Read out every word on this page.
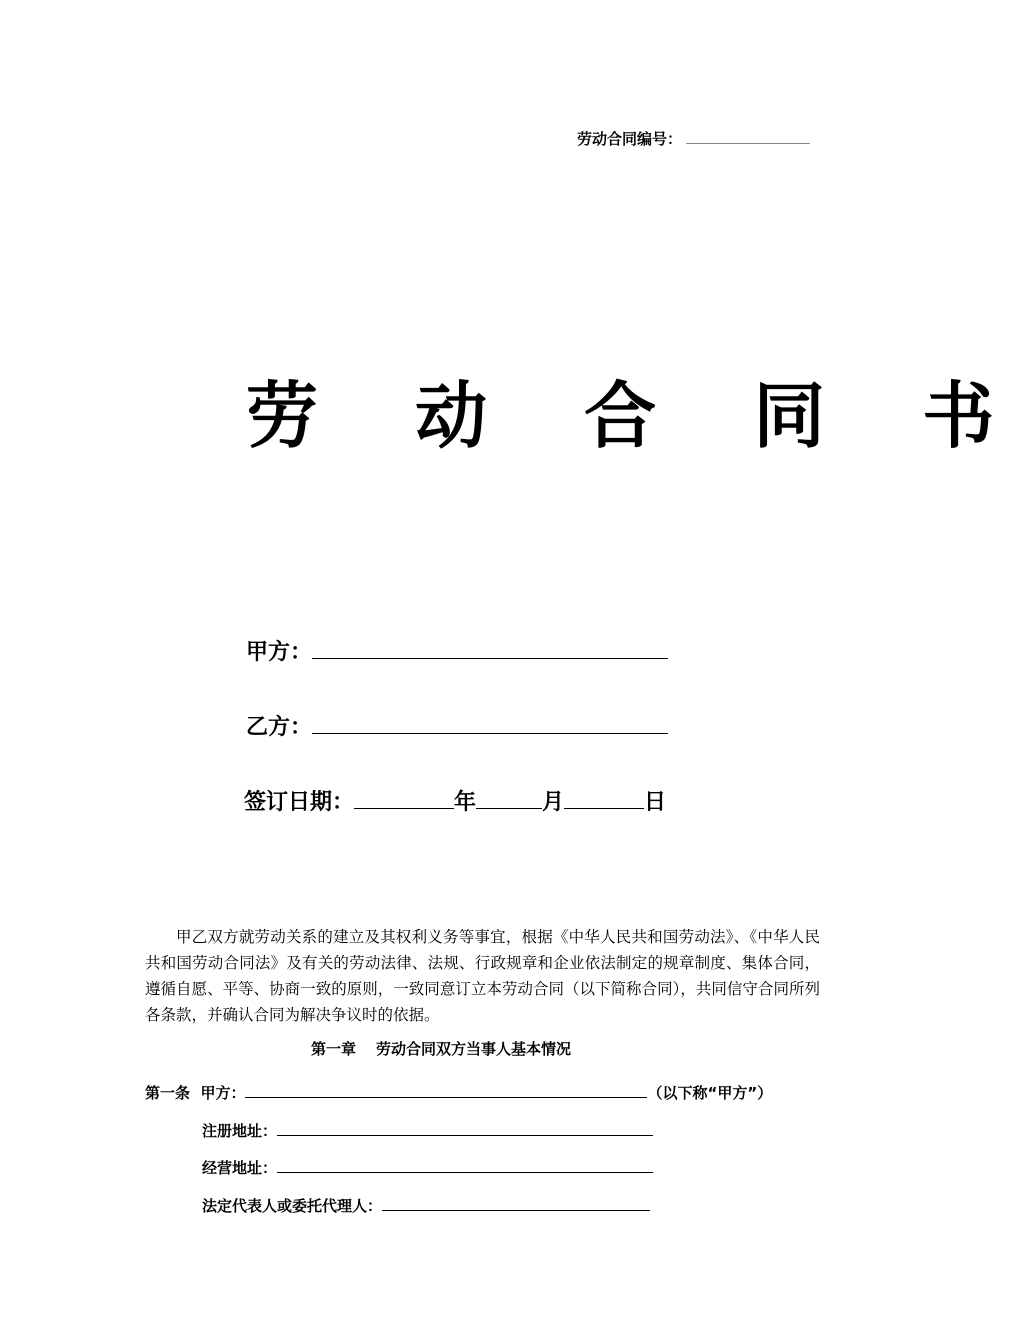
劳动合同编号：
劳 动 合 同 书
甲方：
乙方：
签订日期：	年	月	日

甲乙双方就劳动关系的建立及其权利义务等事宜，根据《中华人民共和国劳动法》、《中华人民共和国劳动合同法》及有关的劳动法律、法规、行政规章和企业依法制定的规章制度、集体合同，遵循自愿、平等、协商一致的原则，一致同意订立本劳动合同（以下简称合同），共同信守合同所列各条款，并确认合同为解决争议时的依据。

第一章 劳动合同双方当事人基本情况
第一条 甲方：	（以下称“甲方”）
注册地址：
经营地址：
法定代表人或委托代理人：
